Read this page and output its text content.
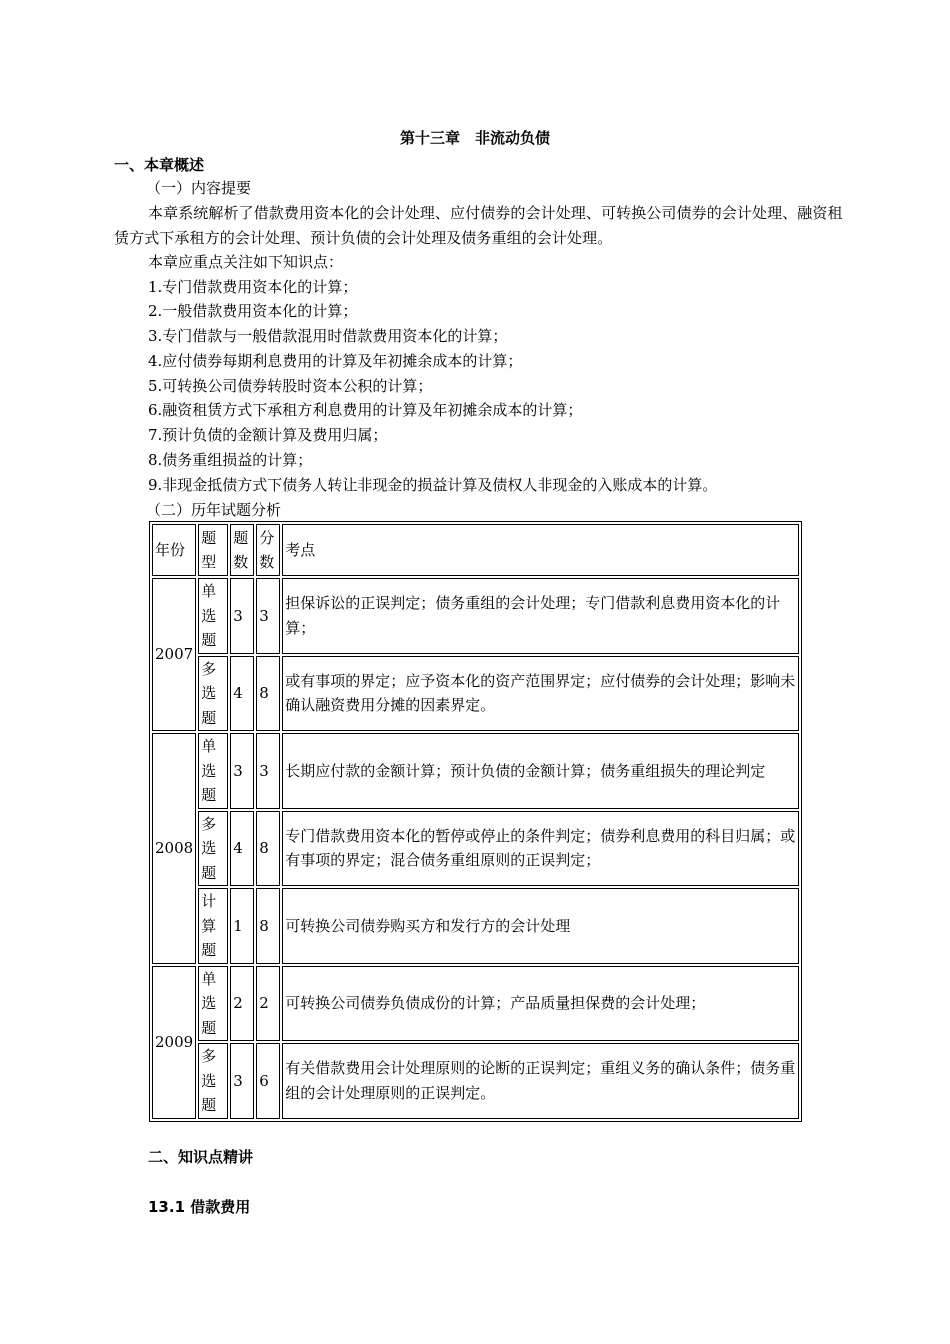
第十三章　非流动负债
一、本章概述
（一）内容提要
本章系统解析了借款费用资本化的会计处理、应付债券的会计处理、可转换公司债券的会计处理、融资租赁方式下承租方的会计处理、预计负债的会计处理及债务重组的会计处理。
本章应重点关注如下知识点：
1.专门借款费用资本化的计算；
2.一般借款费用资本化的计算；
3.专门借款与一般借款混用时借款费用资本化的计算；
4.应付债券每期利息费用的计算及年初摊余成本的计算；
5.可转换公司债券转股时资本公积的计算；
6.融资租赁方式下承租方利息费用的计算及年初摊余成本的计算；
7.预计负债的金额计算及费用归属；
8.债务重组损益的计算；
9.非现金抵债方式下债务人转让非现金的损益计算及债权人非现金的入账成本的计算。
（二）历年试题分析
年份	题型	题数	分数	考点
2007	单选题	3	3	担保诉讼的正误判定；债务重组的会计处理；专门借款利息费用资本化的计算；
	多选题	4	8	或有事项的界定；应予资本化的资产范围界定；应付债券的会计处理；影响未确认融资费用分摊的因素界定。
2008	单选题	3	3	长期应付款的金额计算；预计负债的金额计算；债务重组损失的理论判定
	多选题	4	8	专门借款费用资本化的暂停或停止的条件判定；债券利息费用的科目归属；或有事项的界定；混合债务重组原则的正误判定；
	计算题	1	8	可转换公司债券购买方和发行方的会计处理
2009	单选题	2	2	可转换公司债券负债成份的计算；产品质量担保费的会计处理；
	多选题	3	6	有关借款费用会计处理原则的论断的正误判定；重组义务的确认条件；债务重组的会计处理原则的正误判定。
二、知识点精讲
13.1 借款费用
